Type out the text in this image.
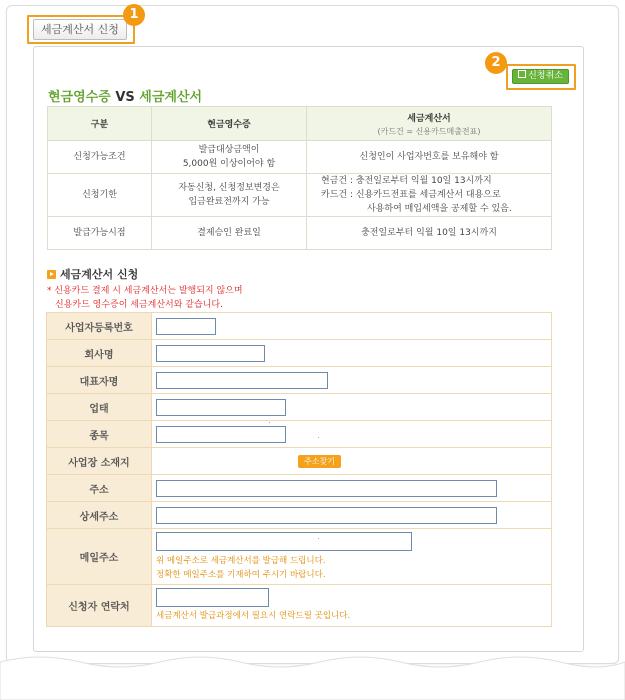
세금계산서 신청
1
2
신청취소
현금영수증 VS 세금계산서
구분	현금영수증	세금계산서
(카드건 = 신용카드매출전표)

신청가능조건	발급대상금액이
5,000원 이상이어야 함	신청인이 사업자번호를 보유해야 함
신청기한	자동신청, 신청정보변경은
입금완료전까지 가능	현금건 : 충전일로부터 익월 10일 13시까지
카드건 : 신용카드전표를 세금계산서 대용으로
사용하여 매입세액을 공제할 수 있음.
발급가능시점	결제승인 완료일	충전일로부터 익월 10일 13시까지
세금계산서 신청
* 신용카드 결제 시 세금계산서는 발행되지 않으며
신용카드 영수증이 세금계산서와 같습니다.
사업자등록번호	

회사명	

대표자명	

업태	

종목	

사업장 소재지	주소찾기
주소	

상세주소	

메일주소	위 메일주소로 세금계산서를 발급해 드립니다.
정확한 메일주소를 기재하여 주시기 바랍니다.

신청자 연락처	세금계산서 발급과정에서 필요시 연락드릴 곳입니다.
